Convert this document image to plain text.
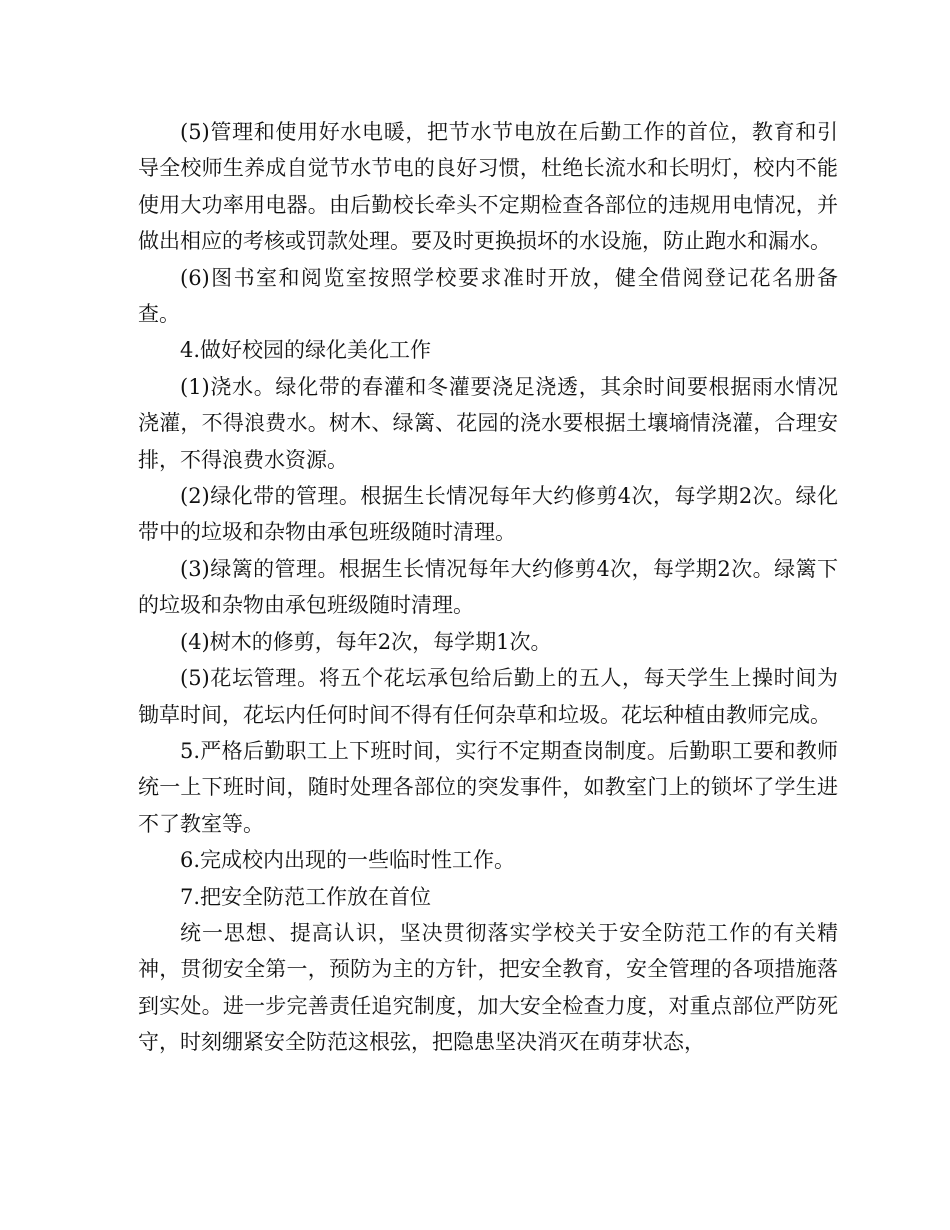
(5)管理和使用好水电暖，把节水节电放在后勤工作的首位，教育和引导全校师生养成自觉节水节电的良好习惯，杜绝长流水和长明灯，校内不能使用大功率用电器。由后勤校长牵头不定期检查各部位的违规用电情况，并做出相应的考核或罚款处理。要及时更换损坏的水设施，防止跑水和漏水。

(6)图书室和阅览室按照学校要求准时开放，健全借阅登记花名册备查。

4.做好校园的绿化美化工作

(1)浇水。绿化带的春灌和冬灌要浇足浇透，其余时间要根据雨水情况浇灌，不得浪费水。树木、绿篱、花园的浇水要根据土壤墒情浇灌，合理安排，不得浪费水资源。

(2)绿化带的管理。根据生长情况每年大约修剪4次，每学期2次。绿化带中的垃圾和杂物由承包班级随时清理。

(3)绿篱的管理。根据生长情况每年大约修剪4次，每学期2次。绿篱下的垃圾和杂物由承包班级随时清理。

(4)树木的修剪，每年2次，每学期1次。

(5)花坛管理。将五个花坛承包给后勤上的五人，每天学生上操时间为锄草时间，花坛内任何时间不得有任何杂草和垃圾。花坛种植由教师完成。

5.严格后勤职工上下班时间，实行不定期查岗制度。后勤职工要和教师统一上下班时间，随时处理各部位的突发事件，如教室门上的锁坏了学生进不了教室等。

6.完成校内出现的一些临时性工作。

7.把安全防范工作放在首位

统一思想、提高认识，坚决贯彻落实学校关于安全防范工作的有关精神，贯彻安全第一，预防为主的方针，把安全教育，安全管理的各项措施落到实处。进一步完善责任追究制度，加大安全检查力度，对重点部位严防死守，时刻绷紧安全防范这根弦，把隐患坚决消灭在萌芽状态，
